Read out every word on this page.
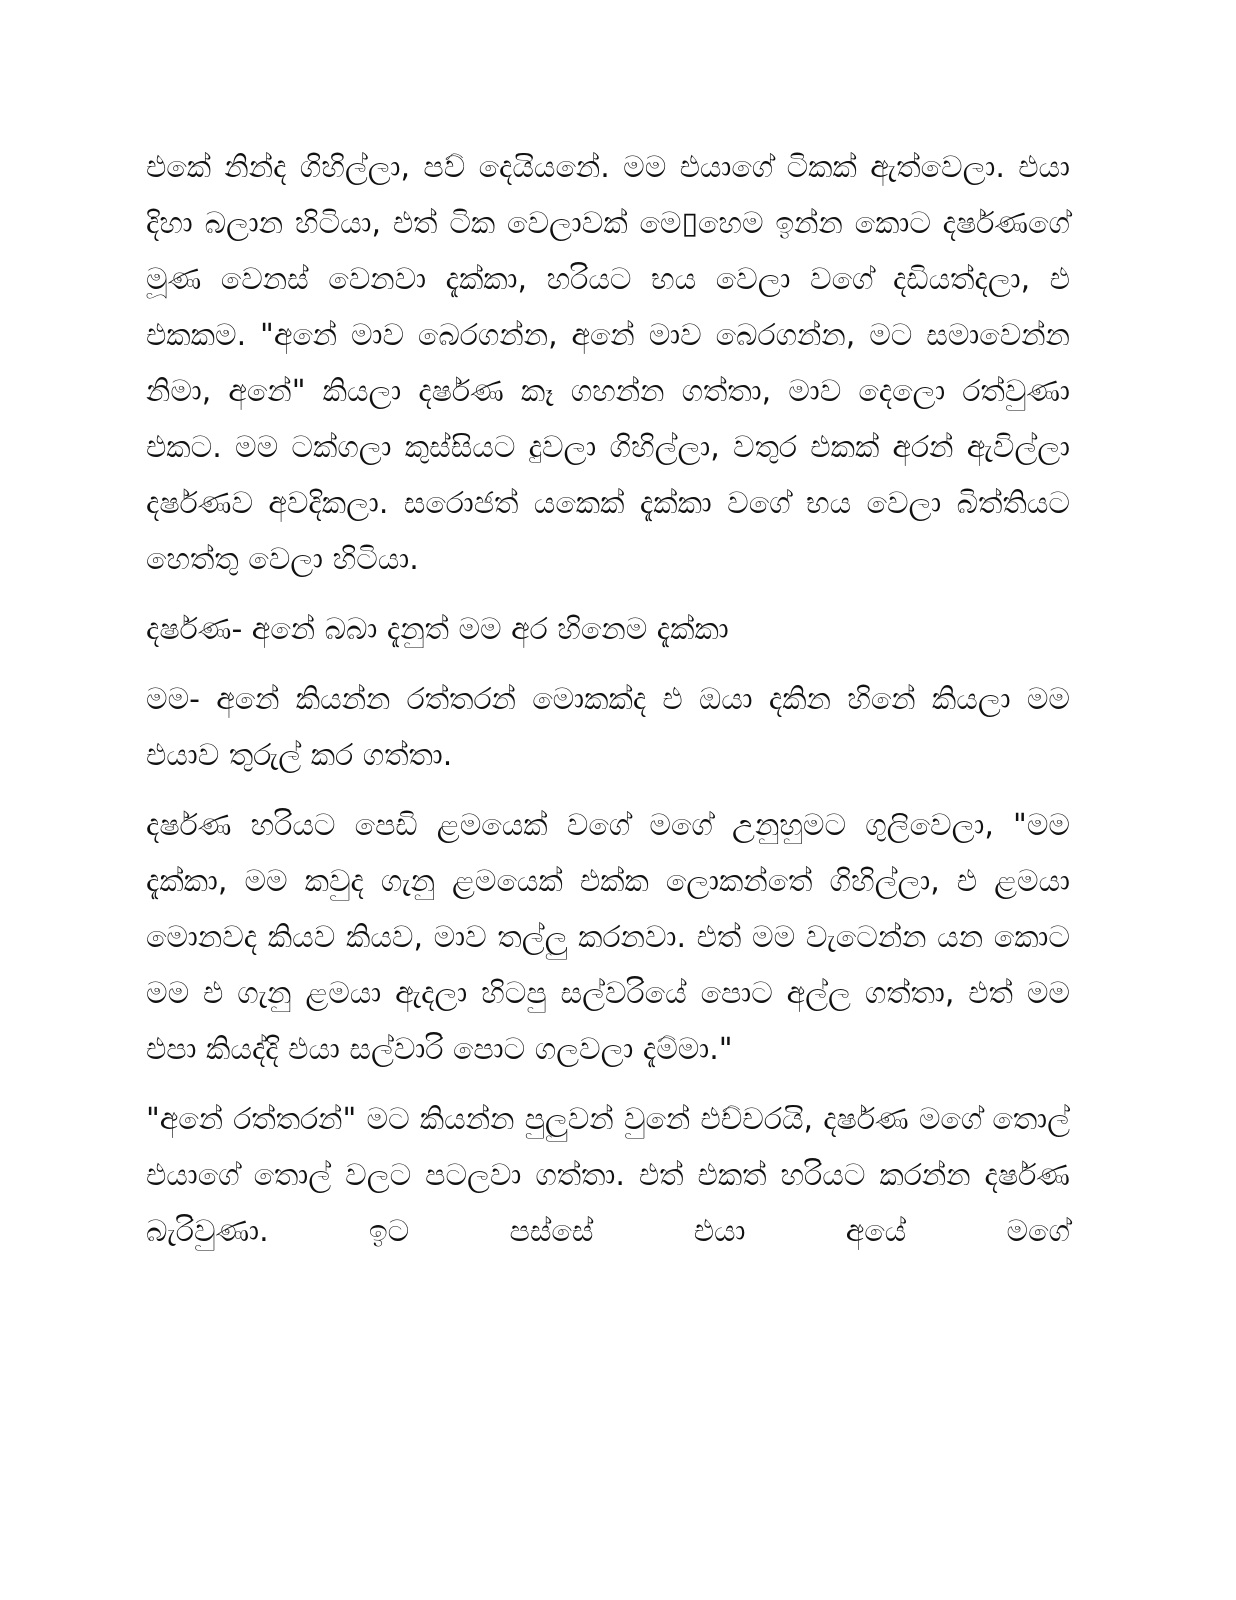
එකේ නින්ද ගිහිල්ලා, පව් දෙයියනේ. මම එයාගේ ටිකක් ඇත්වෙලා. එයා දිහා බලාන හිටියා, එත් ටික වෙලාවක් මෙ▯හෙම ඉන්න කොට දර්ෂණගේ මූණ වෙනස් වෙනවා දැක්කා, හරියට භය වෙලා වගේ දඩියත්දලා, එ එකකම. "අනේ මාව බෙරගන්න, අනේ මාව බෙරගන්න, මට සමාවෙන්න නිමා, අනේ" කියලා දර්ෂණ කෑ ගහන්න ගත්තා, මාව දෙලො රත්වුණා එකට. මම ටක්ගලා කුස්සියට දුවලා ගිහිල්ලා, වතුර එකක් අරන් ඇවිල්ලා දර්ෂණව අවදිකලා. සරොජත් යකෙක් දැක්කා වගේ භය වෙලා බිත්තියට හෙත්තු වෙලා හිටියා.

දර්ෂණ- අනේ බබා දැනුත් මම අර හිනෙම දැක්කා

මම- අනේ කියන්න රත්තරන් මොකක්ද එ ඔයා දකින හිනේ කියලා මම එයාව තුරුල් කර ගත්තා.

දර්ෂණ හරියට පෙඩි ළමයෙක් වගේ මගේ උනුහුමට ගුලිවෙලා, "මම දැක්කා, මම කවුද ගැනු ළමයෙක් එක්ක ලොකන්තේ ගිහිල්ලා, එ ළමයා මොනවද කියව කියව, මාව තල්ලු කරනවා. එත් මම වැටෙන්න යන කොට මම එ ගැනු ළමයා ඇදලා හිටපු සල්වරියේ පොට අල්ල ගත්තා, එත් මම එපා කියද්දි එයා සල්වාරි පොට ගලවලා දැම්මා."

"අනේ රත්තරන්" මට කියන්න පුලුවන් වුනේ එච්චරයි, දර්ෂණ මගේ තොල් එයාගේ තොල් වලට පටලවා ගත්තා. එත් එකත් හරියට කරන්න දර්ෂණ බැරිවුණා. ඉට පස්සේ එයා අයේ මගේ
